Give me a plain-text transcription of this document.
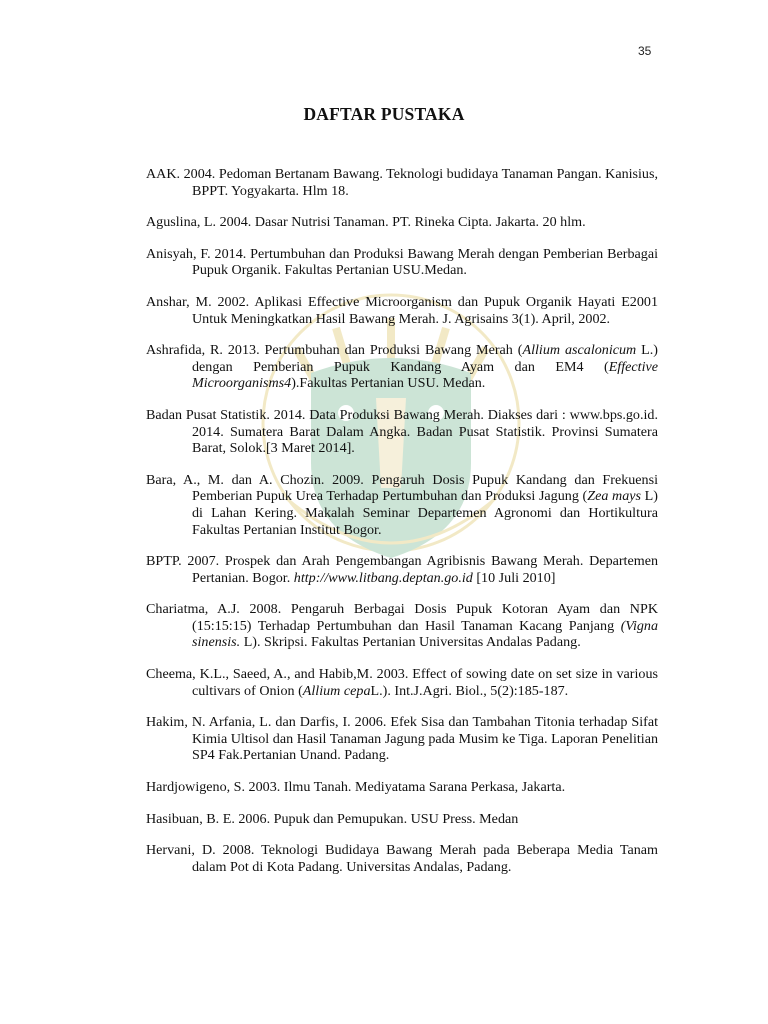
35
DAFTAR PUSTAKA

AAK. 2004. Pedoman Bertanam Bawang. Teknologi budidaya Tanaman Pangan. Kanisius, BPPT. Yogyakarta. Hlm 18.

Aguslina, L. 2004. Dasar Nutrisi Tanaman. PT. Rineka Cipta. Jakarta. 20 hlm.

Anisyah, F. 2014. Pertumbuhan dan Produksi Bawang Merah dengan Pemberian Berbagai Pupuk Organik. Fakultas Pertanian USU.Medan.

Anshar, M. 2002. Aplikasi Effective Microorganism dan Pupuk Organik Hayati E2001 Untuk Meningkatkan Hasil Bawang Merah. J. Agrisains 3(1). April, 2002.

Ashrafida, R. 2013. Pertumbuhan dan Produksi Bawang Merah (Allium ascalonicum L.) dengan Pemberian Pupuk Kandang Ayam dan EM4 (Effective Microorganisms4).Fakultas Pertanian USU. Medan.

Badan Pusat Statistik. 2014. Data Produksi Bawang Merah. Diakses dari : www.bps.go.id. 2014. Sumatera Barat Dalam Angka. Badan Pusat Statistik. Provinsi Sumatera Barat, Solok.[3 Maret 2014].

Bara, A., M. dan A. Chozin. 2009. Pengaruh Dosis Pupuk Kandang dan Frekuensi Pemberian Pupuk Urea Terhadap Pertumbuhan dan Produksi Jagung (Zea mays L) di Lahan Kering. Makalah Seminar Departemen Agronomi dan Hortikultura Fakultas Pertanian Institut Bogor.

BPTP. 2007. Prospek dan Arah Pengembangan Agribisnis Bawang Merah. Departemen Pertanian. Bogor. http://www.litbang.deptan.go.id [10 Juli 2010]

Chariatma, A.J. 2008. Pengaruh Berbagai Dosis Pupuk Kotoran Ayam dan NPK (15:15:15) Terhadap Pertumbuhan dan Hasil Tanaman Kacang Panjang (Vigna sinensis. L). Skripsi. Fakultas Pertanian Universitas Andalas Padang.

Cheema, K.L., Saeed, A., and Habib,M. 2003. Effect of sowing date on set size in various cultivars of Onion (Allium cepaL.). Int.J.Agri. Biol., 5(2):185-187.

Hakim, N. Arfania, L. dan Darfis, I. 2006. Efek Sisa dan Tambahan Titonia terhadap Sifat Kimia Ultisol dan Hasil Tanaman Jagung pada Musim ke Tiga. Laporan Penelitian SP4 Fak.Pertanian Unand. Padang.

Hardjowigeno, S. 2003. Ilmu Tanah. Mediyatama Sarana Perkasa, Jakarta.

Hasibuan, B. E. 2006. Pupuk dan Pemupukan. USU Press. Medan

Hervani, D. 2008. Teknologi Budidaya Bawang Merah pada Beberapa Media Tanam dalam Pot di Kota Padang. Universitas Andalas, Padang.
